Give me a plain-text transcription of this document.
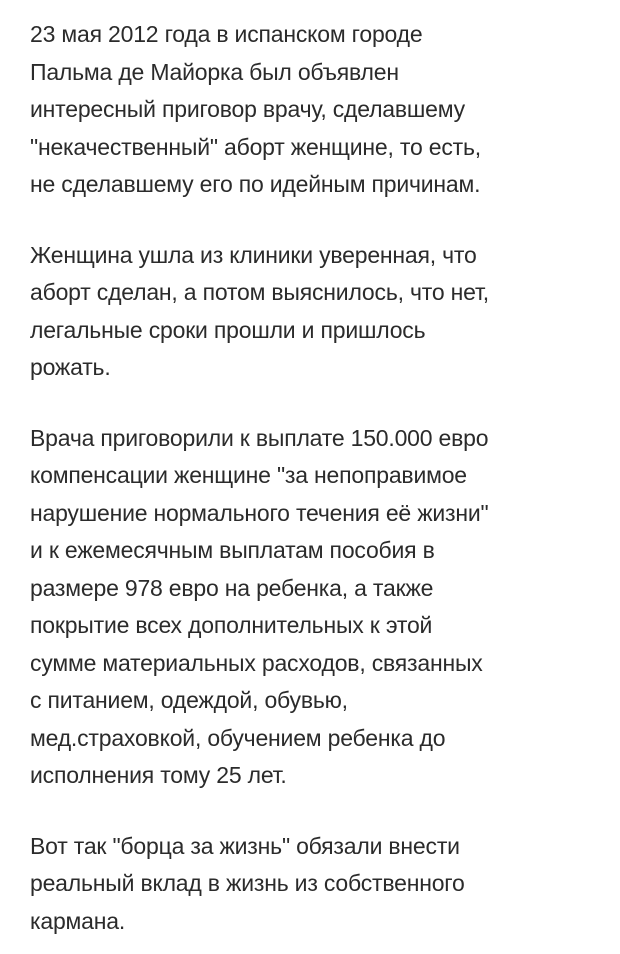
23 мая 2012 года в испанском городе
Пальма де Майорка был объявлен
интересный приговор врачу, сделавшему
"некачественный" аборт женщине, то есть,
не сделавшему его по идейным причинам.

Женщина ушла из клиники уверенная, что
аборт сделан, а потом выяснилось, что нет,
легальные сроки прошли и пришлось
рожать.

Врача приговорили к выплате 150.000 евро
компенсации женщине "за непоправимое
нарушение нормального течения её жизни"
и к ежемесячным выплатам пособия в
размере 978 евро на ребенка, а также
покрытие всех дополнительных к этой
сумме материальных расходов, связанных
с питанием, одеждой, обувью,
мед.страховкой, обучением ребенка до
исполнения тому 25 лет.

Вот так "борца за жизнь" обязали внести
реальный вклад в жизнь из собственного
кармана.
